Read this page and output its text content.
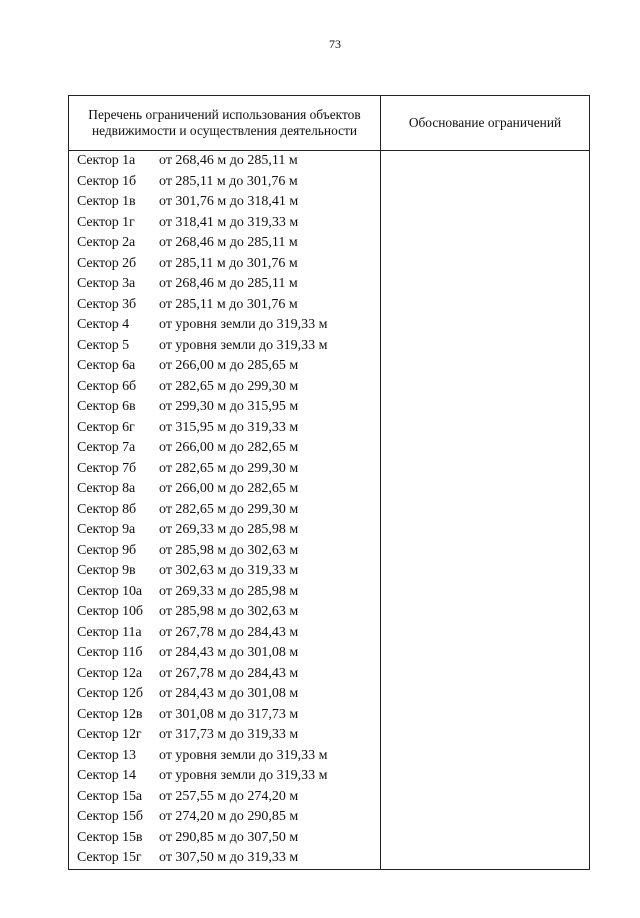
73
Перечень ограничений использования объектов недвижимости и осуществления деятельности	Обоснование ограничений
Сектор 1а от 268,46 м до 285,11 м	
Сектор 1б от 285,11 м до 301,76 м	
Сектор 1в от 301,76 м до 318,41 м	
Сектор 1г от 318,41 м до 319,33 м	
Сектор 2а от 268,46 м до 285,11 м	
Сектор 2б от 285,11 м до 301,76 м	
Сектор 3а от 268,46 м до 285,11 м	
Сектор 3б от 285,11 м до 301,76 м	
Сектор 4 от уровня земли до 319,33 м	
Сектор 5 от уровня земли до 319,33 м	
Сектор 6а от 266,00 м до 285,65 м	
Сектор 6б от 282,65 м до 299,30 м	
Сектор 6в от 299,30 м до 315,95 м	
Сектор 6г от 315,95 м до 319,33 м	
Сектор 7а от 266,00 м до 282,65 м	
Сектор 7б от 282,65 м до 299,30 м	
Сектор 8а от 266,00 м до 282,65 м	
Сектор 8б от 282,65 м до 299,30 м	
Сектор 9а от 269,33 м до 285,98 м	
Сектор 9б от 285,98 м до 302,63 м	
Сектор 9в от 302,63 м до 319,33 м	
Сектор 10а от 269,33 м до 285,98 м	
Сектор 10б от 285,98 м до 302,63 м	
Сектор 11а от 267,78 м до 284,43 м	
Сектор 11б от 284,43 м до 301,08 м	
Сектор 12а от 267,78 м до 284,43 м	
Сектор 12б от 284,43 м до 301,08 м	
Сектор 12в от 301,08 м до 317,73 м	
Сектор 12г от 317,73 м до 319,33 м	
Сектор 13 от уровня земли до 319,33 м	
Сектор 14 от уровня земли до 319,33 м	
Сектор 15а от 257,55 м до 274,20 м	
Сектор 15б от 274,20 м до 290,85 м	
Сектор 15в от 290,85 м до 307,50 м	
Сектор 15г от 307,50 м до 319,33 м	
